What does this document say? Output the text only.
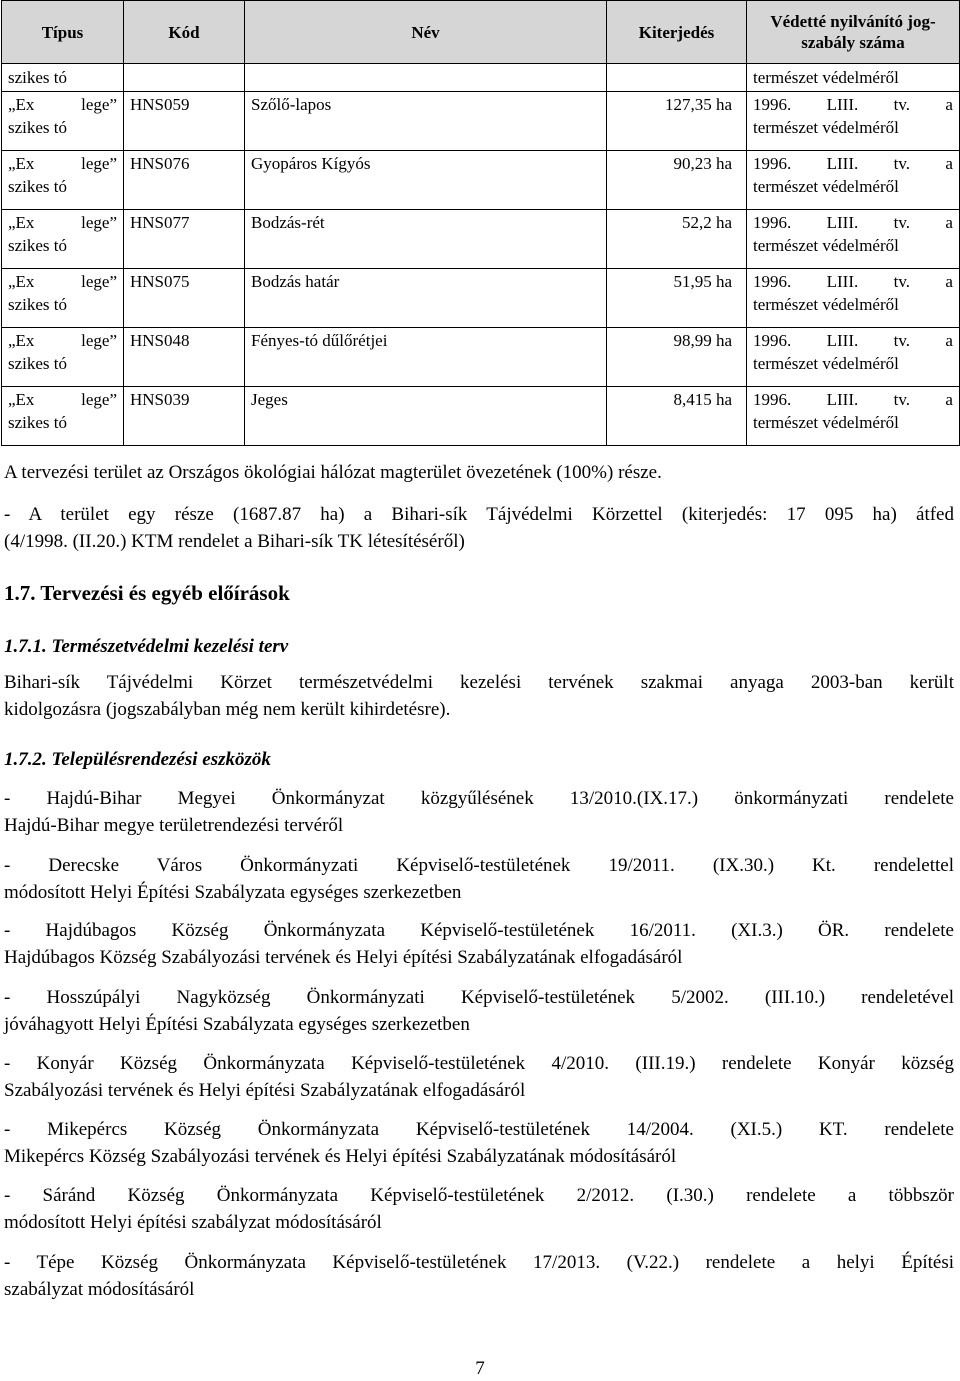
Típus	Kód	Név	Kiterjedés	Védetté nyilvánító jog-
szabály száma
szikes tó				természet védelméről

„Ex lege”
szikes tó	HNS059	Szőlő-lapos	127,35 ha	1996. LIII. tv. a
természet védelméről

„Ex lege”
szikes tó	HNS076	Gyopáros Kígyós	90,23 ha	1996. LIII. tv. a
természet védelméről

„Ex lege”
szikes tó	HNS077	Bodzás-rét	52,2 ha	1996. LIII. tv. a
természet védelméről

„Ex lege”
szikes tó	HNS075	Bodzás határ	51,95 ha	1996. LIII. tv. a
természet védelméről

„Ex lege”
szikes tó	HNS048	Fényes-tó dűlőrétjei	98,99 ha	1996. LIII. tv. a
természet védelméről

„Ex lege”
szikes tó	HNS039	Jeges	8,415 ha	1996. LIII. tv. a
természet védelméről

A tervezési terület az Országos ökológiai hálózat magterület övezetének (100%) része.

- A terület egy része (1687.87 ha) a Bihari-sík Tájvédelmi Körzettel (kiterjedés: 17 095 ha) átfed
(4/1998. (II.20.) KTM rendelet a Bihari-sík TK létesítéséről)
1.7. Tervezési és egyéb előírások
1.7.1. Természetvédelmi kezelési terv
Bihari-sík Tájvédelmi Körzet természetvédelmi kezelési tervének szakmai anyaga 2003-ban került
kidolgozásra (jogszabályban még nem került kihirdetésre).
1.7.2. Településrendezési eszközök
- Hajdú-Bihar Megyei Önkormányzat közgyűlésének 13/2010.(IX.17.) önkormányzati rendelete
Hajdú-Bihar megye területrendezési tervéről
- Derecske Város Önkormányzati Képviselő-testületének 19/2011. (IX.30.) Kt. rendelettel
módosított Helyi Építési Szabályzata egységes szerkezetben
- Hajdúbagos Község Önkormányzata Képviselő-testületének 16/2011. (XI.3.) ÖR. rendelete
Hajdúbagos Község Szabályozási tervének és Helyi építési Szabályzatának elfogadásáról
- Hosszúpályi Nagyközség Önkormányzati Képviselő-testületének 5/2002. (III.10.) rendeletével
jóváhagyott Helyi Építési Szabályzata egységes szerkezetben
- Konyár Község Önkormányzata Képviselő-testületének 4/2010. (III.19.) rendelete Konyár község
Szabályozási tervének és Helyi építési Szabályzatának elfogadásáról
- Mikepércs Község Önkormányzata Képviselő-testületének 14/2004. (XI.5.) KT. rendelete
Mikepércs Község Szabályozási tervének és Helyi építési Szabályzatának módosításáról
- Sáránd Község Önkormányzata Képviselő-testületének 2/2012. (I.30.) rendelete a többször
módosított Helyi építési szabályzat módosításáról
- Tépe Község Önkormányzata Képviselő-testületének 17/2013. (V.22.) rendelete a helyi Építési
szabályzat módosításáról
7
